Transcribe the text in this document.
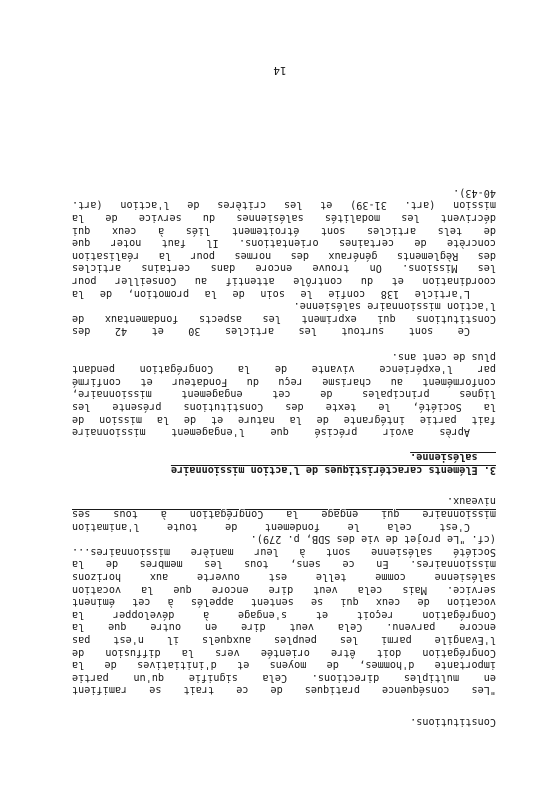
Constitutions.
"Les conséquence pratiques de ce trait se ramifient
en multiples directions. Cela signifie qu'un partie
importante d'hommes, de moyens et d'initiatives de la
Congrégation doit être orientée vers la diffusion de
l'Evangile parmi les peuples auxquels il n'est pas
encore parvenu. Cela veut dire en outre que la
Congrégation reçoit et s'engage à développer la
vocation de ceux qui se sentent appelés à cet éminent
service. Mais cela veut dire encore que la vocation
salésienne comme telle est ouverte aux horizons
missionnaires. En ce sens, tous les membres de la
Société salésienne sont à leur manière missionnaires...
(cf. "Le projet de vie des SDB, p. 279).
C'est cela le fondement de toute l'animation
missionnaire qui engage la Congrégation à tous ses
niveaux.
3. Eléments caractéristiques de l'action missionnaire
salésienne.
Après avoir précisé que l'engagement missionnaire
fait partie intégrante de la nature et de la mission de
la Société, le texte des Constitutions présente les
lignes principales de cet engagement missionnaire,
conformément au charisme reçu du Fondateur et confirmé
par l'expérience vivante de la Congrégation pendant
plus de cent ans.
Ce sont surtout les articles 30 et 42 des
Constitutions qui expriment les aspects fondamentaux de
l'action missionnaire salésienne.
L'article 138 confie le soin de la promotion, de la
coordination et du contrôle attentif au Conseiller pour
les Missions. On trouve encore dans certains articles
des Règlements généraux des normes pour la réalisation
concrète de certaines orientations. Il faut noter que
de tels articles sont étroitement liés à ceux qui
décrivent les modalités salésiennes du service de la
mission (art. 31-39) et les critères de l'action (art.
40-43).
14
